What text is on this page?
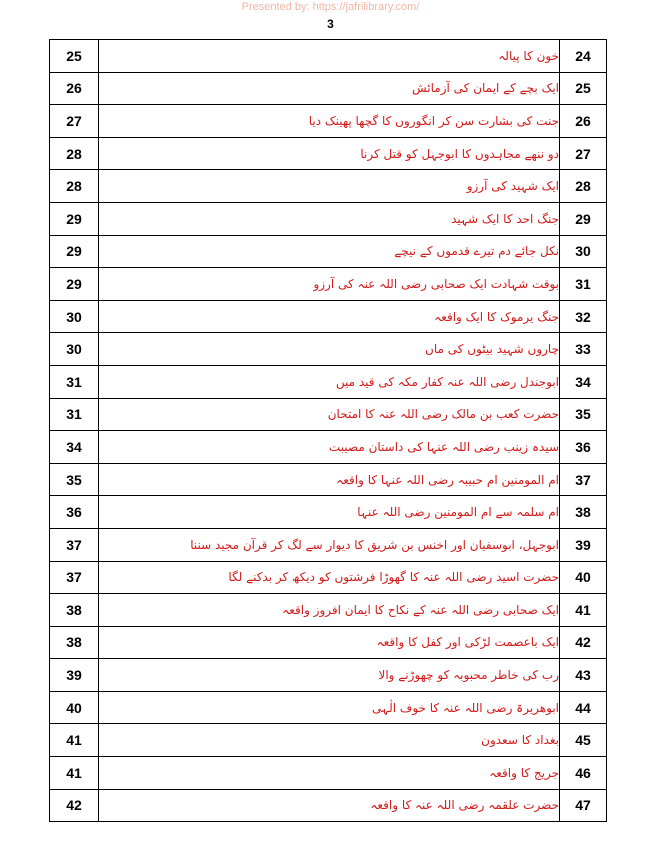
Presented by: https://jafrilibrary.com/
3
25	خون کا پیالہ	24
26	ایک بچے کے ایمان کی آزمائش	25
27	جنت کی بشارت سن کر انگوروں کا گچھا پھینک دیا	26
28	دو ننھے مجاہدوں کا ابوجہل کو قتل کرنا	27
28	ایک شہید کی آرزو	28
29	جنگ احد کا ایک شہید	29
29	نکل جائے دم تیرے قدموں کے نیچے	30
29	بوقت شہادت ایک صحابی رضی اللہ عنہ کی آرزو	31
30	جنگ یرموک کا ایک واقعہ	32
30	چاروں شہید بیٹوں کی ماں	33
31	ابوجندل رضی اللہ عنہ کفار مکہ کی قید میں	34
31	حضرت کعب بن مالک رضی اللہ عنہ کا امتحان	35
34	سیدہ زینب رضی اللہ عنہا کی داستان مصیبت	36
35	ام المومنین ام حبیبہ رضی اللہ عنہا کا واقعہ	37
36	ام سلمہ سے ام المومنین رضی اللہ عنہا	38
37	ابوجہل، ابوسفیان اور اخنس بن شریق کا دیوار سے لگ کر قرآن مجید سننا	39
37	حضرت اسید رضی اللہ عنہ کا گھوڑا فرشتوں کو دیکھ کر بدکنے لگا	40
38	ایک صحابی رضی اللہ عنہ کے نکاح کا ایمان افروز واقعہ	41
38	ایک باعصمت لڑکی اور کفل کا واقعہ	42
39	رب کی خاطر محبوبہ کو چھوڑنے والا	43
40	ابوھریرۃ رضی اللہ عنہ کا خوف الٰہی	44
41	بغداد کا سعدون	45
41	جریج کا واقعہ	46
42	حضرت علقمہ رضی اللہ عنہ کا واقعہ	47
